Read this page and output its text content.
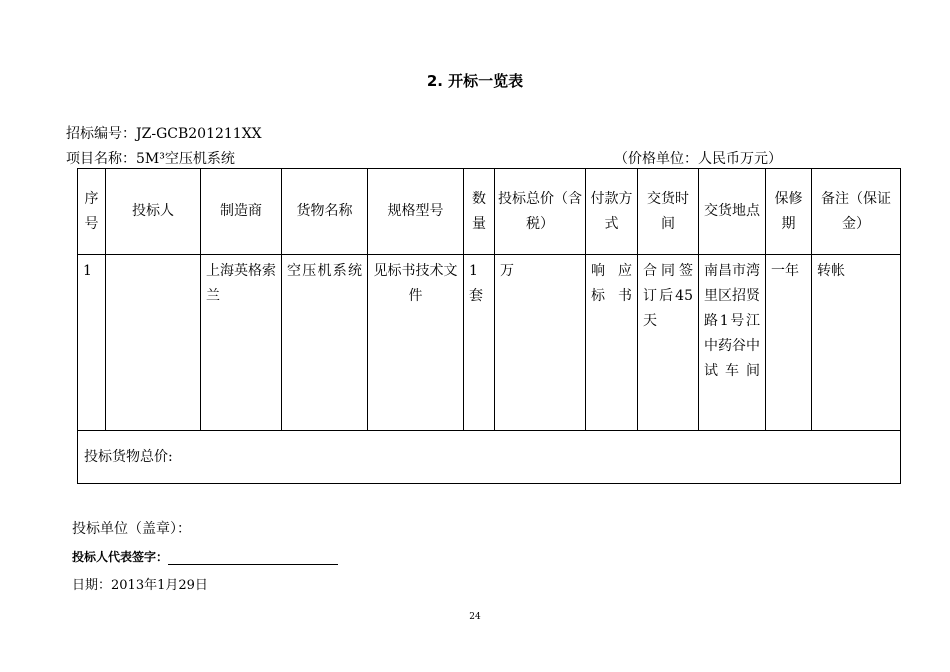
2. 开标一览表
招标编号：JZ-GCB201211XX
项目名称：5M³空压机系统	（价格单位：人民币万元）
序号	投标人	制造商	货物名称	规格型号	数量	投标总价（含税）	付款方式	交货时间	交货地点	保修期	备注（保证金）
1		上海英格索兰	空压机系统	见标书技术文件	1套	万	响应标书	合同签订后45天	南昌市湾里区招贤路1号江中药谷中试车间	一年	转帐
投标货物总价:											
投标单位（盖章）：
投标人代表签字：
日期：2013年1月29日
24
